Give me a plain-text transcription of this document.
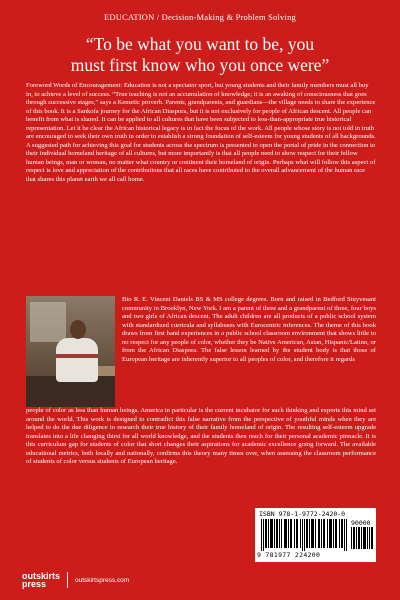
EDUCATION / Decision-Making & Problem Solving
“To be what you want to be, you
must first know who you once were”
Foreword Words of Encouragement: Education is not a spectator sport, but young students and their family members must all buy in, to achieve a level of success. “True teaching is not an accumulation of knowledge; it is an awaking of consciousness that goes through successive stages,” says a Kemetic proverb. Parents, grandparents, and guardians—the village needs to share the experience of this book. It is a Sankofa journey for the African Diaspora, but it is not exclusively for people of African descent. All people can benefit from what is shared. It can be applied to all cultures that have been subjected to less-than-appropriate true historical representation. Let it be clear the African historical legacy is in fact the focus of the work. All people whose story is not told in truth are encouraged to seek their own truth in order to establish a strong foundation of self-esteem for young students of all backgrounds. A suggested path for achieving this goal for students across the spectrum is presented to open the portal of pride in the connection to their individual homeland heritage of all cultures, but more importantly is that all people need to show respect for their fellow human beings, man or woman, no matter what country or continent their homeland of origin. Perhaps what will follow this aspect of respect is love and appreciation of the contributions that all races have contributed to the overall advancement of the human race that shares this planet earth we all call home.
Bio R. E. Vincent Daniels BS & MS college degrees. Born and raised in Bedford Stuyvesant community in Brooklyn, New York. I am a parent of three and a grandparent of three, four boys and two girls of African descent. The adult children are all products of a public school system with standardized curricula and syllabuses with Eurocentric inferences. The theme of this book draws from first hand experiences in a public school classroom environment that shows little to no respect for any people of color, whether they be Native American, Asian, Hispanic/Latino, or from the African Diaspora. The false lesson learned by the student body is that those of European heritage are inherently superior to all peoples of color, and therefore it regards
people of color as less than human beings. America in particular is the current incubator for such thinking and exports this mind set around the world. This work is designed to contradict this false narrative from the perspective of youthful minds when they are helped to do the due diligence to research their true history of their family homeland of origin. The resulting self-esteem upgrade translates into a life changing thirst for all world knowledge, and the students then reach for their personal academic pinnacle. It is this curriculum gap for students of color that short changes their aspirations for academic excellence going forward. The available educational metrics, both locally and nationally, confirms this theory many times over, when assessing the classroom performance of students of color versus students of European heritage.
ISBN 978-1-9772-2420-0
90000
9 781977 224200
outskirts
press	outskirtspress.com
